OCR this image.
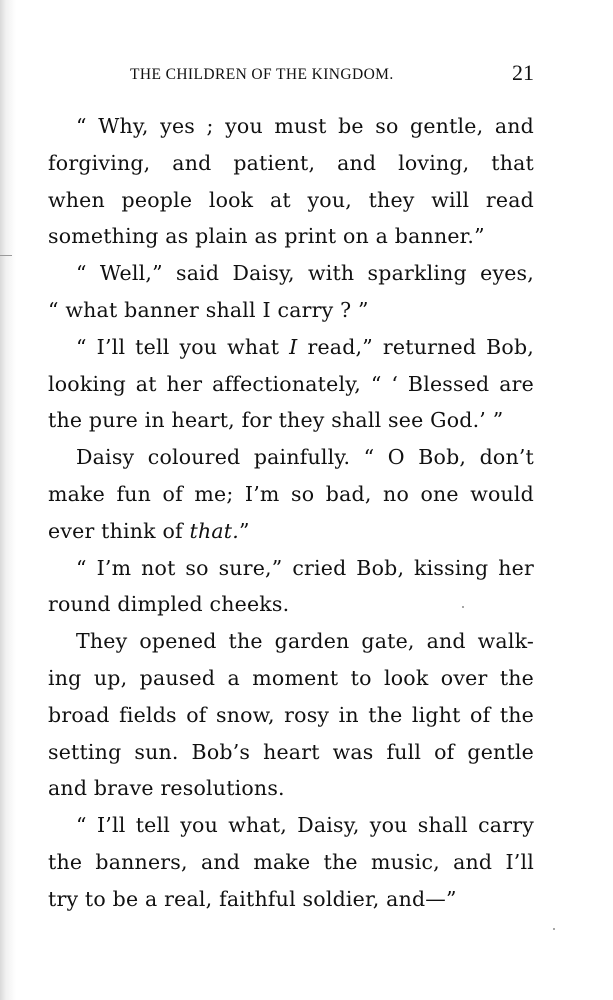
THE CHILDREN OF THE KINGDOM.	21
“ Why, yes ; you must be so gentle, and
forgiving, and patient, and loving, that
when people look at you, they will read
something as plain as print on a banner.”
“ Well,” said Daisy, with sparkling eyes,
“ what banner shall I carry ? ”
“ I’ll tell you what I read,” returned Bob,
looking at her affectionately, “ ‘ Blessed are
the pure in heart, for they shall see God.’ ”
Daisy coloured painfully. “ O Bob, don’t
make fun of me; I’m so bad, no one would
ever think of that.”
“ I’m not so sure,” cried Bob, kissing her
round dimpled cheeks.
They opened the garden gate, and walk-
ing up, paused a moment to look over the
broad fields of snow, rosy in the light of the
setting sun. Bob’s heart was full of gentle
and brave resolutions.
“ I’ll tell you what, Daisy, you shall carry
the banners, and make the music, and I’ll
try to be a real, faithful soldier, and—”
